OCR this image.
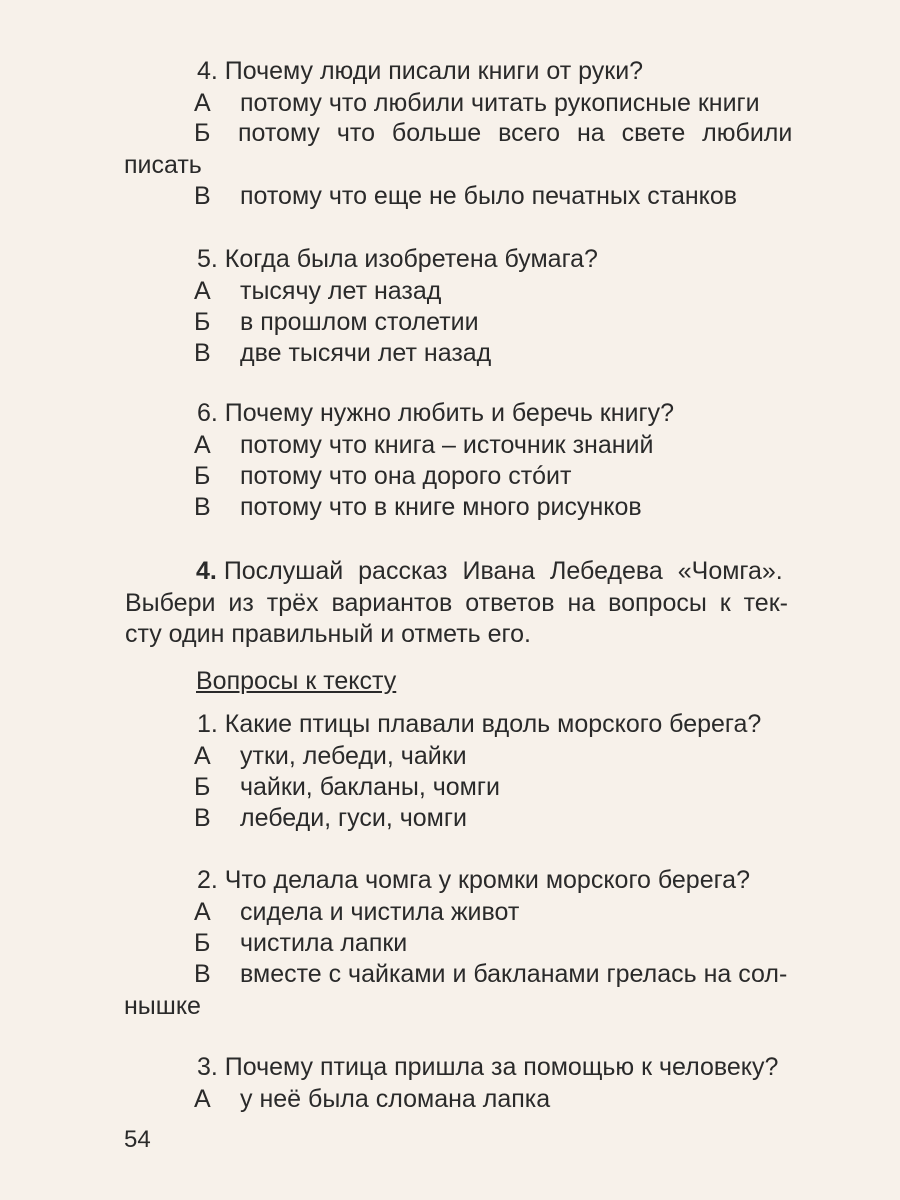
4. Почему люди писали книги от руки?
А	потому что любили читать рукописные книги
Б	потому что больше всего на свете любили
писать
В	потому что еще не было печатных станков
5. Когда была изобретена бумага?
А	тысячу лет назад
Б	в прошлом столетии
В	две тысячи лет назад
6. Почему нужно любить и беречь книгу?
А	потому что книга – источник знаний
Б	потому что она дорого стóит
В	потому что в книге много рисунков
4. Послушай рассказ Ивана Лебедева «Чомга».
Выбери из трёх вариантов ответов на вопросы к тек-
сту один правильный и отметь его.
Вопросы к тексту
1. Какие птицы плавали вдоль морского берега?
А	утки, лебеди, чайки
Б	чайки, бакланы, чомги
В	лебеди, гуси, чомги
2. Что делала чомга у кромки морского берега?
А	сидела и чистила живот
Б	чистила лапки
В	вместе с чайками и бакланами грелась на сол-
нышке
3. Почему птица пришла за помощью к человеку?
А	у неё была сломана лапка
54
